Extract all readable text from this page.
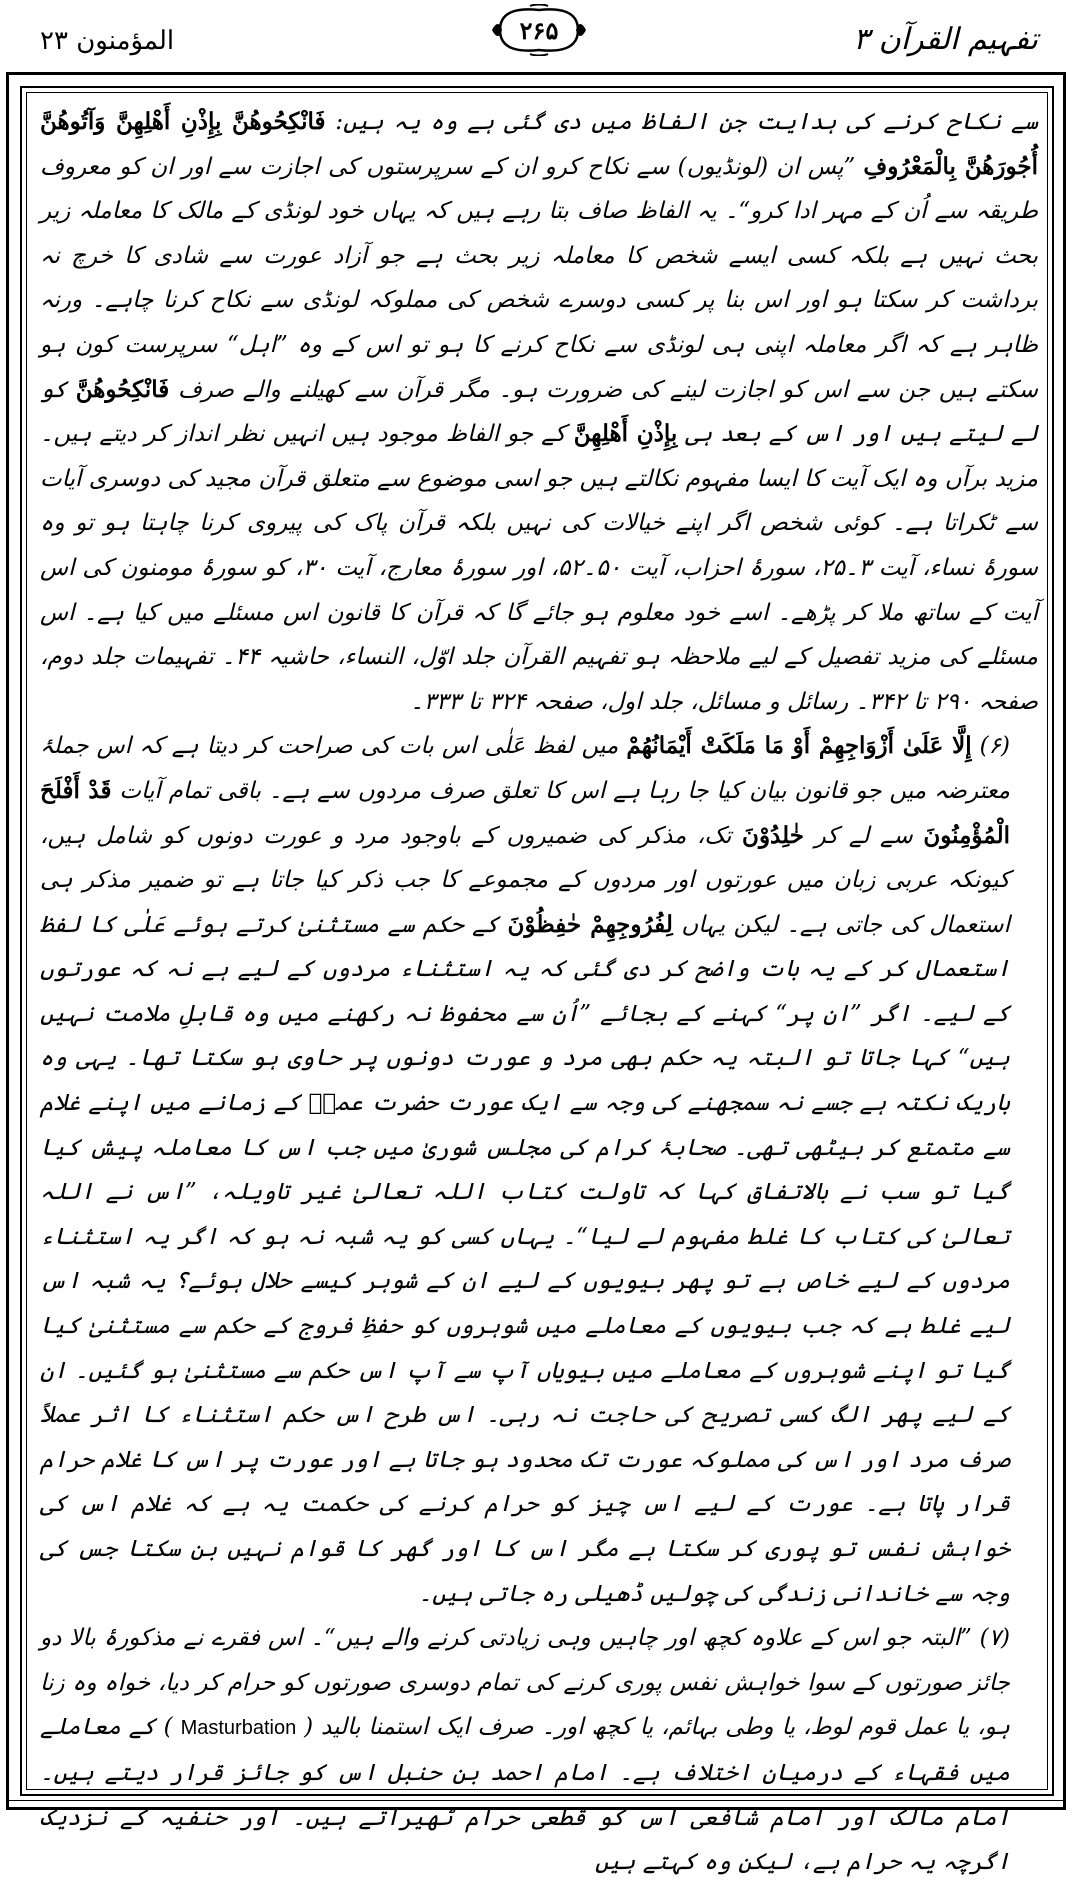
تفہیم القرآن ۳
۲۶۵
المؤمنون ۲۳

سے نکاح کرنے کی ہدایت جن الفاظ میں دی گئی ہے وہ یہ ہیں: فَانْكِحُوهُنَّ بِإِذْنِ أَهْلِهِنَّ وَآتُوهُنَّ أُجُورَهُنَّ بِالْمَعْرُوفِ ”پس ان (لونڈیوں) سے نکاح کرو ان کے سرپرستوں کی اجازت سے اور ان کو معروف طریقہ سے اُن کے مہر ادا کرو“۔ یہ الفاظ صاف بتا رہے ہیں کہ یہاں خود لونڈی کے مالک کا معاملہ زیر بحث نہیں ہے بلکہ کسی ایسے شخص کا معاملہ زیر بحث ہے جو آزاد عورت سے شادی کا خرچ نہ برداشت کر سکتا ہو اور اس بنا پر کسی دوسرے شخص کی مملوکہ لونڈی سے نکاح کرنا چاہے۔ ورنہ ظاہر ہے کہ اگر معاملہ اپنی ہی لونڈی سے نکاح کرنے کا ہو تو اس کے وہ ”اہل“ سرپرست کون ہو سکتے ہیں جن سے اس کو اجازت لینے کی ضرورت ہو۔ مگر قرآن سے کھیلنے والے صرف فَانْكِحُوهُنَّ کو لے لیتے ہیں اور اس کے بعد ہی بِإِذْنِ أَهْلِهِنَّ کے جو الفاظ موجود ہیں انہیں نظر انداز کر دیتے ہیں۔ مزید برآں وہ ایک آیت کا ایسا مفہوم نکالتے ہیں جو اسی موضوع سے متعلق قرآن مجید کی دوسری آیات سے ٹکراتا ہے۔ کوئی شخص اگر اپنے خیالات کی نہیں بلکہ قرآن پاک کی پیروی کرنا چاہتا ہو تو وہ سورۂ نساء، آیت ۳۔۲۵، سورۂ احزاب، آیت ۵۰۔۵۲، اور سورۂ معارج، آیت ۳۰، کو سورۂ مومنون کی اس آیت کے ساتھ ملا کر پڑھے۔ اسے خود معلوم ہو جائے گا کہ قرآن کا قانون اس مسئلے میں کیا ہے۔ اس مسئلے کی مزید تفصیل کے لیے ملاحظہ ہو تفہیم القرآن جلد اوّل، النساء، حاشیہ ۴۴۔ تفہیمات جلد دوم، صفحہ ۲۹۰ تا ۳۴۲۔ رسائل و مسائل، جلد اول، صفحہ ۳۲۴ تا ۳۳۳۔

(۶) إِلَّا عَلَىٰ أَزْوَاجِهِمْ أَوْ مَا مَلَكَتْ أَيْمَانُهُمْ میں لفظ عَلٰی اس بات کی صراحت کر دیتا ہے کہ اس جملۂ معترضہ میں جو قانون بیان کیا جا رہا ہے اس کا تعلق صرف مردوں سے ہے۔ باقی تمام آیات قَدْ أَفْلَحَ الْمُؤْمِنُونَ سے لے کر خٰلِدُوْنَ تک، مذکر کی ضمیروں کے باوجود مرد و عورت دونوں کو شامل ہیں، کیونکہ عربی زبان میں عورتوں اور مردوں کے مجموعے کا جب ذکر کیا جاتا ہے تو ضمیر مذکر ہی استعمال کی جاتی ہے۔ لیکن یہاں لِفُرُوجِهِمْ حٰفِظُوْنَ کے حکم سے مستثنیٰ کرتے ہوئے عَلٰی کا لفظ استعمال کر کے یہ بات واضح کر دی گئی کہ یہ استثناء مردوں کے لیے ہے نہ کہ عورتوں کے لیے۔ اگر ”ان پر“ کہنے کے بجائے ”اُن سے محفوظ نہ رکھنے میں وہ قابلِ ملامت نہیں ہیں“ کہا جاتا تو البتہ یہ حکم بھی مرد و عورت دونوں پر حاوی ہو سکتا تھا۔ یہی وہ باریک نکتہ ہے جسے نہ سمجھنے کی وجہ سے ایک عورت حضرت عمرؓ کے زمانے میں اپنے غلام سے متمتع کر بیٹھی تھی۔ صحابۂ کرام کی مجلس شوریٰ میں جب اس کا معاملہ پیش کیا گیا تو سب نے بالاتفاق کہا کہ تاولت کتاب اللہ تعالیٰ غیر تاویلہ، ”اس نے اللہ تعالیٰ کی کتاب کا غلط مفہوم لے لیا“۔ یہاں کسی کو یہ شبہ نہ ہو کہ اگر یہ استثناء مردوں کے لیے خاص ہے تو پھر بیویوں کے لیے ان کے شوہر کیسے حلال ہوئے؟ یہ شبہ اس لیے غلط ہے کہ جب بیویوں کے معاملے میں شوہروں کو حفظِ فروج کے حکم سے مستثنیٰ کیا گیا تو اپنے شوہروں کے معاملے میں بیویاں آپ سے آپ اس حکم سے مستثنیٰ ہو گئیں۔ ان کے لیے پھر الگ کسی تصریح کی حاجت نہ رہی۔ اس طرح اس حکم استثناء کا اثر عملاً صرف مرد اور اس کی مملوکہ عورت تک محدود ہو جاتا ہے اور عورت پر اس کا غلام حرام قرار پاتا ہے۔ عورت کے لیے اس چیز کو حرام کرنے کی حکمت یہ ہے کہ غلام اس کی خواہش نفس تو پوری کر سکتا ہے مگر اس کا اور گھر کا قوام نہیں بن سکتا جس کی وجہ سے خاندانی زندگی کی چولیں ڈھیلی رہ جاتی ہیں۔

(۷) ”البتہ جو اس کے علاوہ کچھ اور چاہیں وہی زیادتی کرنے والے ہیں“۔ اس فقرے نے مذکورۂ بالا دو جائز صورتوں کے سوا خواہش نفس پوری کرنے کی تمام دوسری صورتوں کو حرام کر دیا، خواہ وہ زنا ہو، یا عمل قوم لوط، یا وطی بہائم، یا کچھ اور۔ صرف ایک استمنا بالید ( Masturbation ) کے معاملے میں فقہاء کے درمیان اختلاف ہے۔ امام احمد بن حنبل اس کو جائز قرار دیتے ہیں۔ امام مالک اور امام شافعی اس کو قطعی حرام ٹھیراتے ہیں۔ اور حنفیہ کے نزدیک اگرچہ یہ حرام ہے، لیکن وہ کہتے ہیں
